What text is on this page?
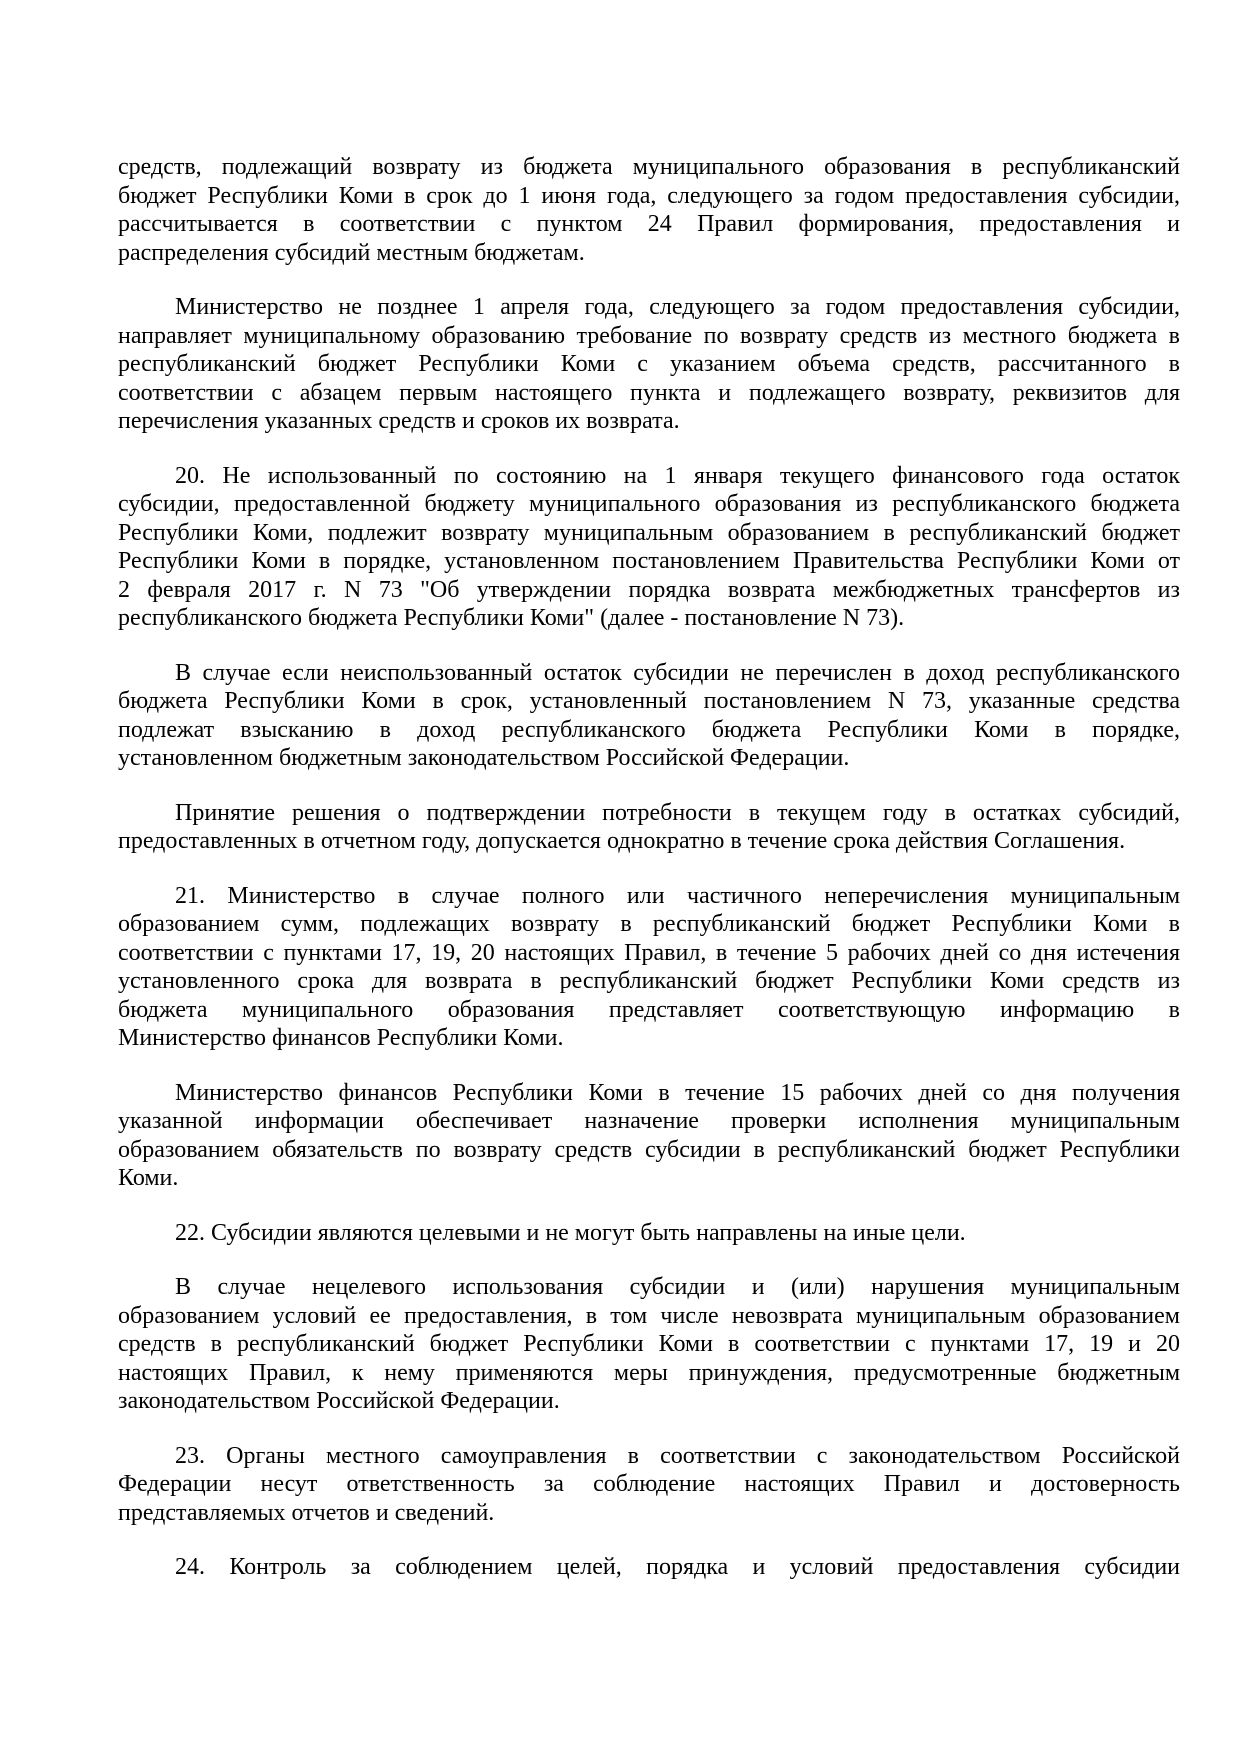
средств, подлежащий возврату из бюджета муниципального образования в республиканский
бюджет Республики Коми в срок до 1 июня года, следующего за годом предоставления субсидии,
рассчитывается в соответствии с пунктом 24 Правил формирования, предоставления и
распределения субсидий местным бюджетам.
Министерство не позднее 1 апреля года, следующего за годом предоставления субсидии,
направляет муниципальному образованию требование по возврату средств из местного бюджета в
республиканский бюджет Республики Коми с указанием объема средств, рассчитанного в
соответствии с абзацем первым настоящего пункта и подлежащего возврату, реквизитов для
перечисления указанных средств и сроков их возврата.
20. Не использованный по состоянию на 1 января текущего финансового года остаток
субсидии, предоставленной бюджету муниципального образования из республиканского бюджета
Республики Коми, подлежит возврату муниципальным образованием в республиканский бюджет
Республики Коми в порядке, установленном постановлением Правительства Республики Коми от
2 февраля 2017 г. N 73 "Об утверждении порядка возврата межбюджетных трансфертов из
республиканского бюджета Республики Коми" (далее - постановление N 73).
В случае если неиспользованный остаток субсидии не перечислен в доход республиканского
бюджета Республики Коми в срок, установленный постановлением N 73, указанные средства
подлежат взысканию в доход республиканского бюджета Республики Коми в порядке,
установленном бюджетным законодательством Российской Федерации.
Принятие решения о подтверждении потребности в текущем году в остатках субсидий,
предоставленных в отчетном году, допускается однократно в течение срока действия Соглашения.
21. Министерство в случае полного или частичного неперечисления муниципальным
образованием сумм, подлежащих возврату в республиканский бюджет Республики Коми в
соответствии с пунктами 17, 19, 20 настоящих Правил, в течение 5 рабочих дней со дня истечения
установленного срока для возврата в республиканский бюджет Республики Коми средств из
бюджета муниципального образования представляет соответствующую информацию в
Министерство финансов Республики Коми.
Министерство финансов Республики Коми в течение 15 рабочих дней со дня получения
указанной информации обеспечивает назначение проверки исполнения муниципальным
образованием обязательств по возврату средств субсидии в республиканский бюджет Республики
Коми.
22. Субсидии являются целевыми и не могут быть направлены на иные цели.
В случае нецелевого использования субсидии и (или) нарушения муниципальным
образованием условий ее предоставления, в том числе невозврата муниципальным образованием
средств в республиканский бюджет Республики Коми в соответствии с пунктами 17, 19 и 20
настоящих Правил, к нему применяются меры принуждения, предусмотренные бюджетным
законодательством Российской Федерации.
23. Органы местного самоуправления в соответствии с законодательством Российской
Федерации несут ответственность за соблюдение настоящих Правил и достоверность
представляемых отчетов и сведений.
24. Контроль за соблюдением целей, порядка и условий предоставления субсидии
